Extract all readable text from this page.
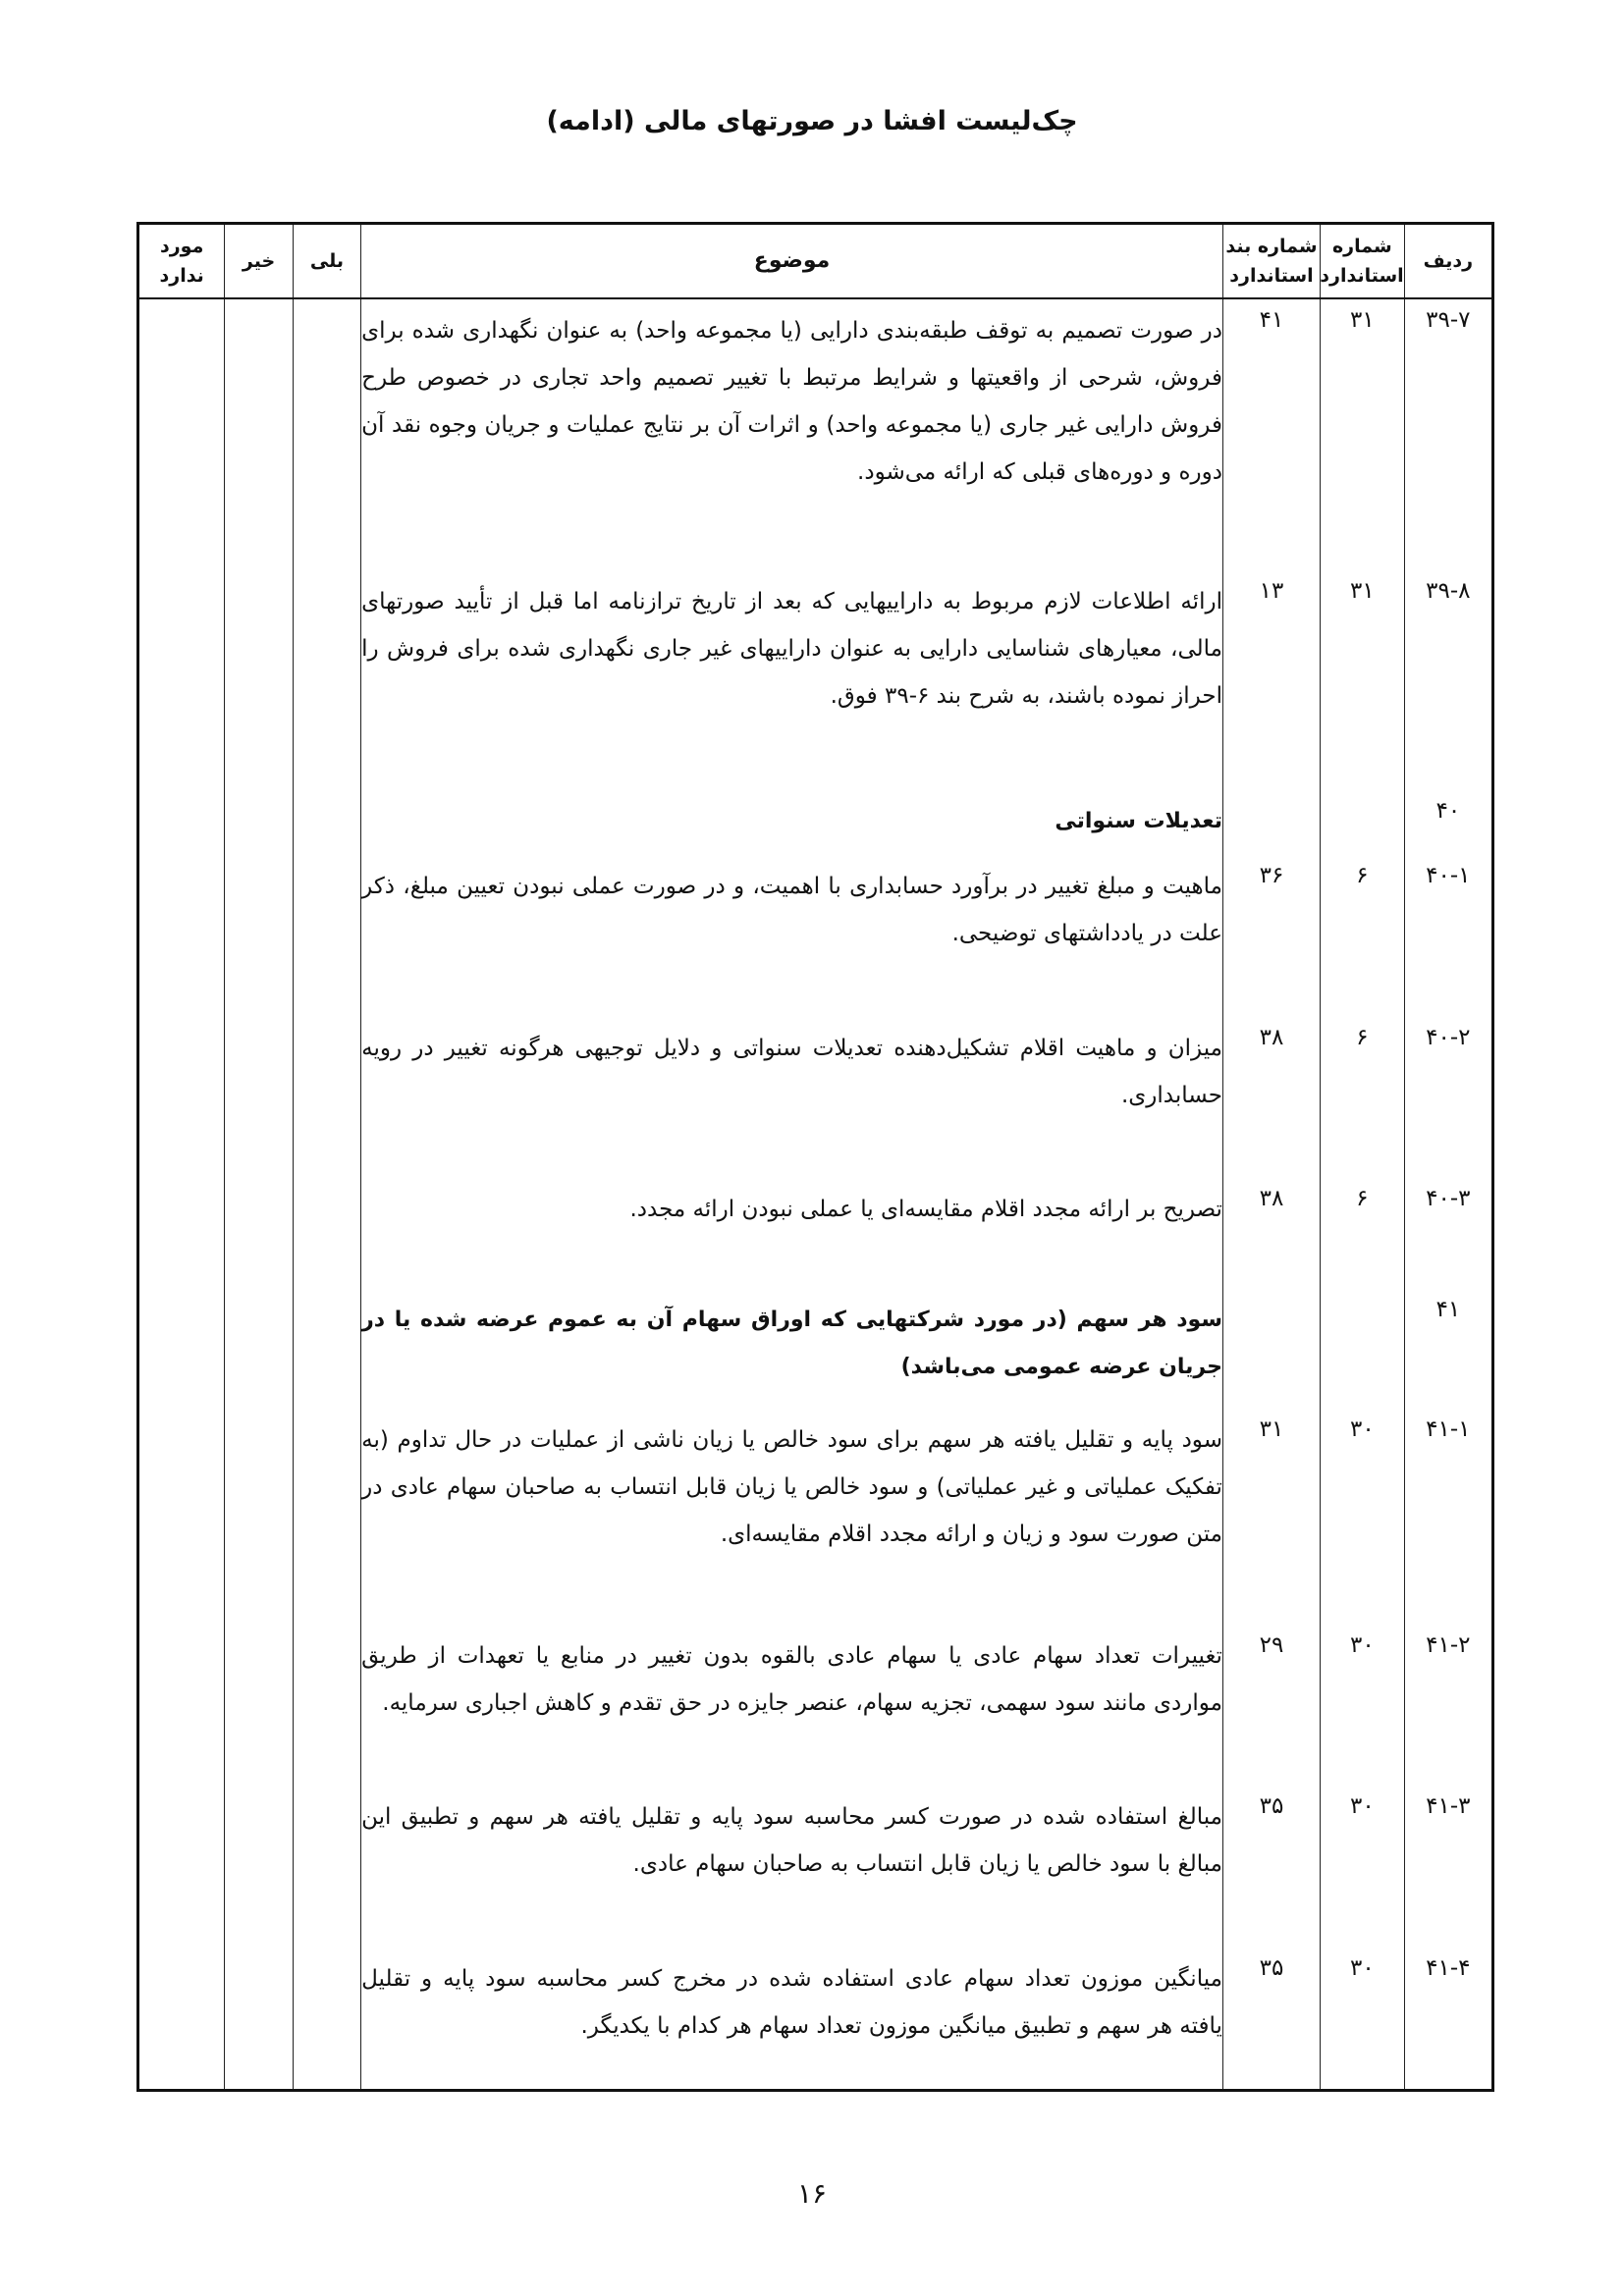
چک‌لیست افشا در صورتهای مالی (ادامه)
ردیف	شماره استاندارد	شماره بند استاندارد	موضوع	بلی	خیر	مورد ندارد
۳۹-۷	۳۱	۴۱	در صورت تصمیم به توقف طبقه‌بندی دارایی (یا مجموعه واحد) به عنوان نگهداری شده برای فروش، شرحی از واقعیتها و شرایط مرتبط با تغییر تصمیم واحد تجاری در خصوص طرح فروش دارایی غیر جاری (یا مجموعه واحد) و اثرات آن بر نتایج عملیات و جریان وجوه نقد آن دوره و دوره‌های قبلی که ارائه می‌شود.			
۳۹-۸	۳۱	۱۳	ارائه اطلاعات لازم مربوط به داراییهایی که بعد از تاریخ ترازنامه اما قبل از تأیید صورتهای مالی، معیارهای شناسایی دارایی به عنوان داراییهای غیر جاری نگهداری شده برای فروش را احراز نموده باشند، به شرح بند ۶-۳۹ فوق.			
۴۰			تعدیلات سنواتی			
۴۰-۱	۶	۳۶	ماهیت و مبلغ تغییر در برآورد حسابداری با اهمیت، و در صورت عملی نبودن تعیین مبلغ، ذکر علت در یادداشتهای توضیحی.			
۴۰-۲	۶	۳۸	میزان و ماهیت اقلام تشکیل‌دهنده تعدیلات سنواتی و دلایل توجیهی هرگونه تغییر در رویه حسابداری.			
۴۰-۳	۶	۳۸	تصریح بر ارائه مجدد اقلام مقایسه‌ای یا عملی نبودن ارائه مجدد.			
۴۱			سود هر سهم (در مورد شرکتهایی که اوراق سهام آن به عموم عرضه شده یا در جریان عرضه عمومی می‌باشد)			
۴۱-۱	۳۰	۳۱	سود پایه و تقلیل یافته هر سهم برای سود خالص یا زیان ناشی از عملیات در حال تداوم (به تفکیک عملیاتی و غیر عملیاتی) و سود خالص یا زیان قابل انتساب به صاحبان سهام عادی در متن صورت سود و زیان و ارائه مجدد اقلام مقایسه‌ای.			
۴۱-۲	۳۰	۲۹	تغییرات تعداد سهام عادی یا سهام عادی بالقوه بدون تغییر در منابع یا تعهدات از طریق مواردی مانند سود سهمی، تجزیه سهام، عنصر جایزه در حق تقدم و کاهش اجباری سرمایه.			
۴۱-۳	۳۰	۳۵	مبالغ استفاده شده در صورت کسر محاسبه سود پایه و تقلیل یافته هر سهم و تطبیق این مبالغ با سود خالص یا زیان قابل انتساب به صاحبان سهام عادی.			
۴۱-۴	۳۰	۳۵	میانگین موزون تعداد سهام عادی استفاده شده در مخرج کسر محاسبه سود پایه و تقلیل یافته هر سهم و تطبیق میانگین موزون تعداد سهام هر کدام با یکدیگر.			

۱۶
